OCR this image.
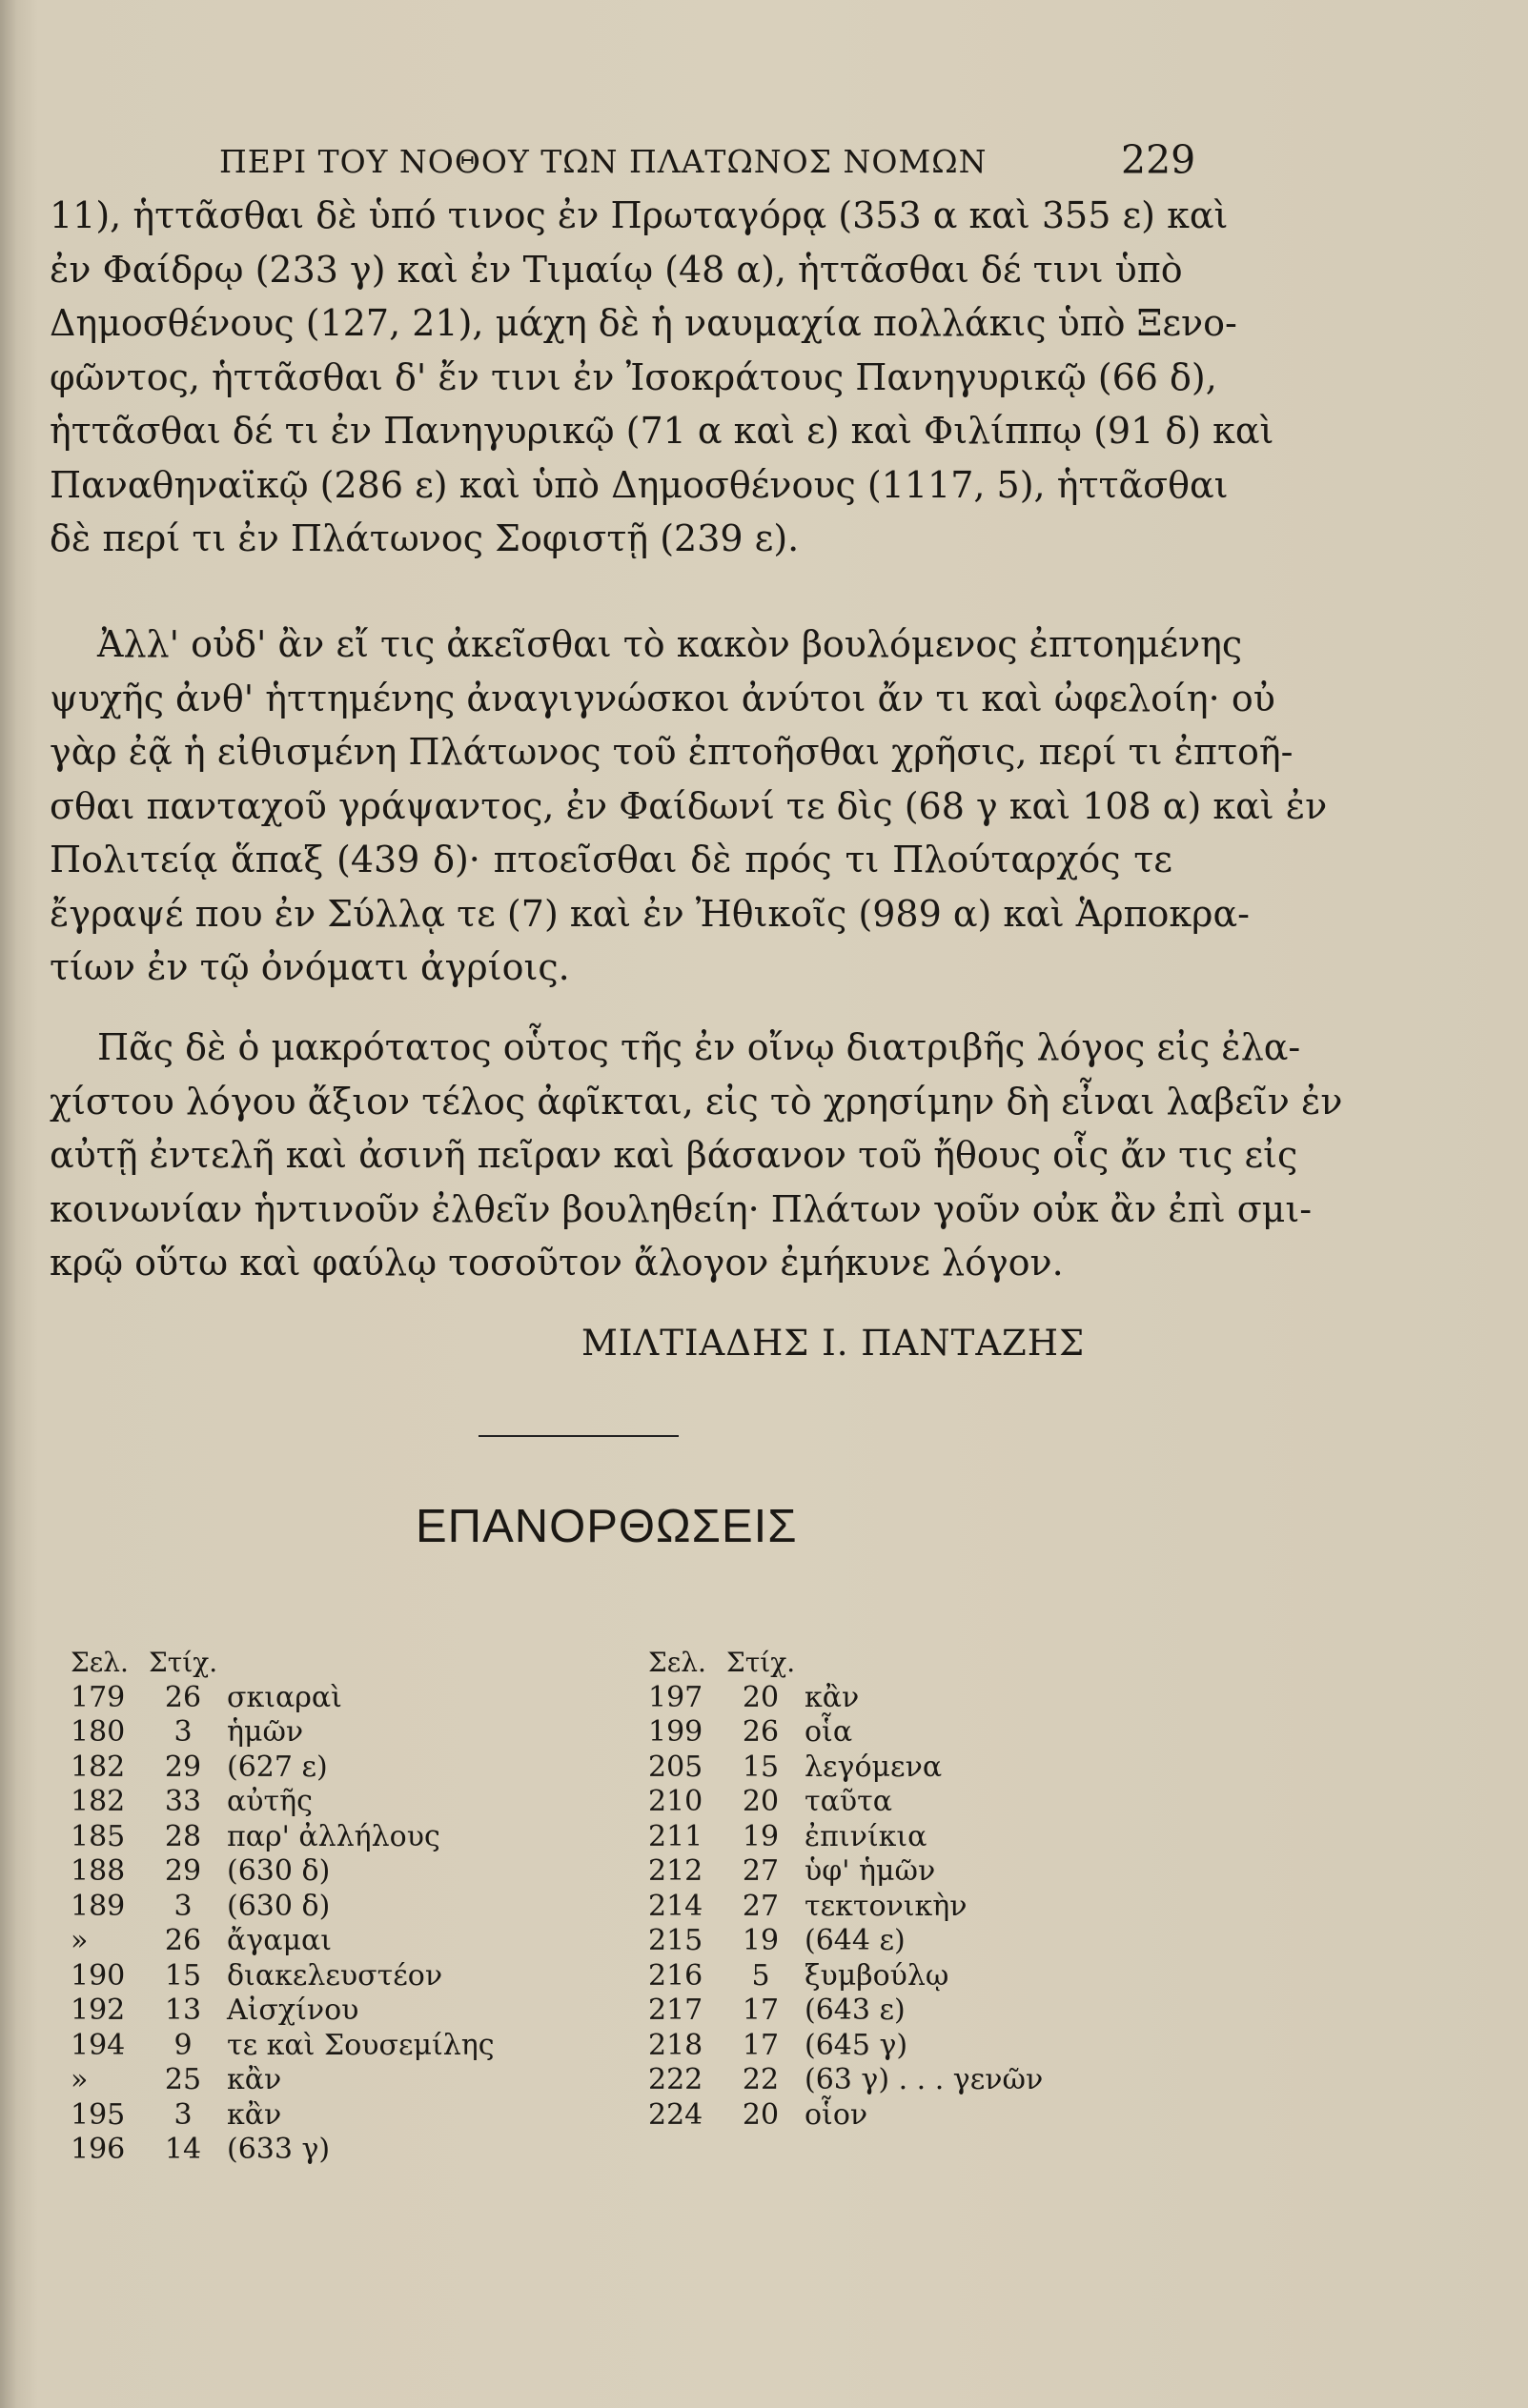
ΠΕΡΙ ΤΟΥ ΝΟΘΟΥ ΤΩΝ ΠΛΑΤΩΝΟΣ ΝΟΜΩΝ	229
11), ἡττᾶσθαι δὲ ὑπό τινος ἐν Πρωταγόρᾳ (353 α καὶ 355 ε) καὶ
ἐν Φαίδρῳ (233 γ) καὶ ἐν Τιμαίῳ (48 α), ἡττᾶσθαι δέ τινι ὑπὸ
Δημοσθένους (127, 21), μάχη δὲ ἡ ναυμαχία πολλάκις ὑπὸ Ξενο-
φῶντος, ἡττᾶσθαι δ' ἔν τινι ἐν Ἰσοκράτους Πανηγυρικῷ (66 δ),
ἡττᾶσθαι δέ τι ἐν Πανηγυρικῷ (71 α καὶ ε) καὶ Φιλίππῳ (91 δ) καὶ
Παναθηναϊκῷ (286 ε) καὶ ὑπὸ Δημοσθένους (1117, 5), ἡττᾶσθαι
δὲ περί τι ἐν Πλάτωνος Σοφιστῇ (239 ε).
Ἀλλ' οὐδ' ἂν εἴ τις ἀκεῖσθαι τὸ κακὸν βουλόμενος ἐπτοημένης
ψυχῆς ἀνθ' ἡττημένης ἀναγιγνώσκοι ἀνύτοι ἄν τι καὶ ὠφελοίη· οὐ
γὰρ ἐᾷ ἡ εἰθισμένη Πλάτωνος τοῦ ἐπτοῆσθαι χρῆσις, περί τι ἐπτοῆ-
σθαι πανταχοῦ γράψαντος, ἐν Φαίδωνί τε δὶς (68 γ καὶ 108 α) καὶ ἐν
Πολιτείᾳ ἅπαξ (439 δ)· πτοεῖσθαι δὲ πρός τι Πλούταρχός τε
ἔγραψέ που ἐν Σύλλᾳ τε (7) καὶ ἐν Ἠθικοῖς (989 α) καὶ Ἁρποκρα-
τίων ἐν τῷ ὀνόματι ἀγρίοις.
Πᾶς δὲ ὁ μακρότατος οὗτος τῆς ἐν οἴνῳ διατριβῆς λόγος εἰς ἐλα-
χίστου λόγου ἄξιον τέλος ἀφῖκται, εἰς τὸ χρησίμην δὴ εἶναι λαβεῖν ἐν
αὐτῇ ἐντελῆ καὶ ἀσινῆ πεῖραν καὶ βάσανον τοῦ ἤθους οἷς ἄν τις εἰς
κοινωνίαν ἡντινοῦν ἐλθεῖν βουληθείη· Πλάτων γοῦν οὐκ ἂν ἐπὶ σμι-
κρῷ οὕτω καὶ φαύλῳ τοσοῦτον ἄλογον ἐμήκυνε λόγον.
ΜΙΛΤΙΑΔΗΣ Ι. ΠΑΝΤΑΖΗΣ
ΕΠΑΝΟΡΘΩΣΕΙΣ
Σελ. Στίχ.
179	26 σκιαραὶ
180	3	ἡμῶν
182	29 (627 ε)
182	33 αὐτῆς
185	28 παρ' ἀλλήλους
188	29 (630 δ)
189	3	(630 δ)
»	26 ἄγαμαι
190	15 διακελευστέον
192	13 Αἰσχίνου
194	9	τε καὶ Σουσεμίλης
»	25 κἂν
195	3	κἂν
196	14 (633 γ)
Σελ. Στίχ.
197	20 κἂν
199	26 οἷα
205	15 λεγόμενα
210	20 ταῦτα
211	19 ἐπινίκια
212	27 ὑφ' ἡμῶν
214	27 τεκτονικὴν
215	19 (644 ε)
216	5	ξυμβούλῳ
217	17 (643 ε)
218	17 (645 γ)
222	22 (63 γ) . . . γενῶν
224	20 οἷον
